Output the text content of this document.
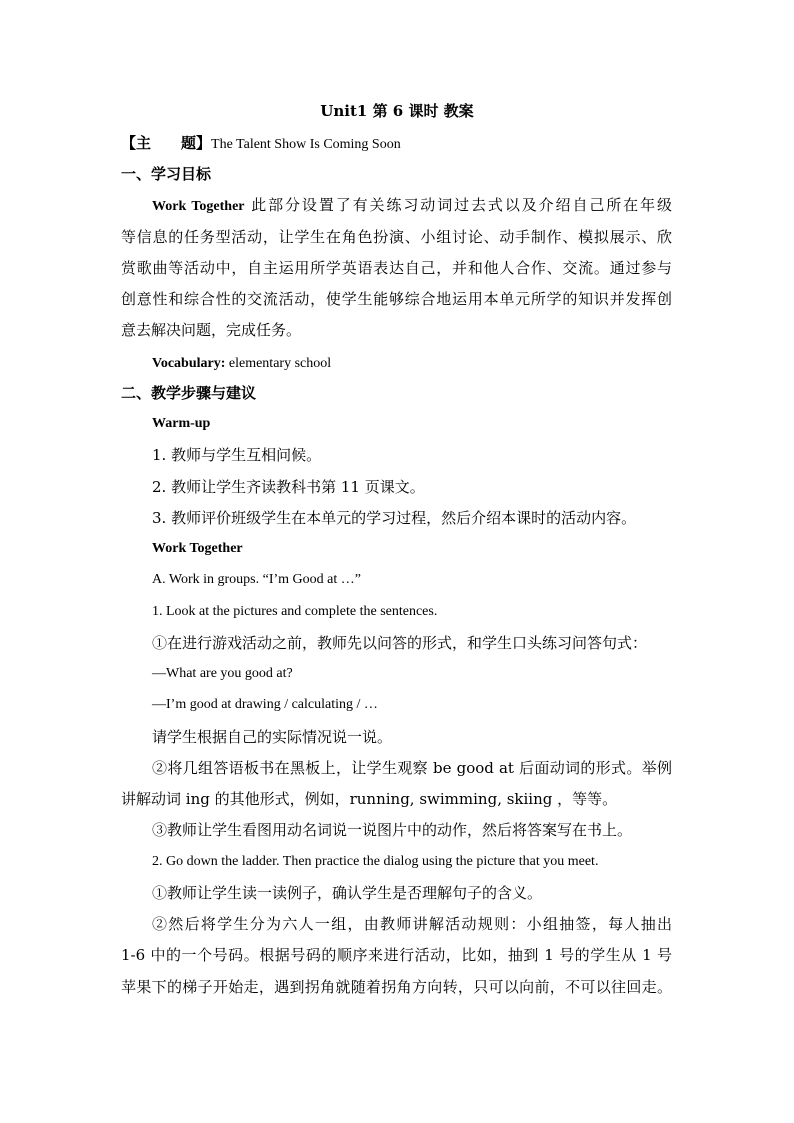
Unit1 第 6 课时 教案
【主　　题】The Talent Show Is Coming Soon
一、学习目标
Work Together 此部分设置了有关练习动词过去式以及介绍自己所在年级
等信息的任务型活动，让学生在角色扮演、小组讨论、动手制作、模拟展示、欣
赏歌曲等活动中，自主运用所学英语表达自己，并和他人合作、交流。通过参与
创意性和综合性的交流活动，使学生能够综合地运用本单元所学的知识并发挥创
意去解决问题，完成任务。
Vocabulary: elementary school
二、教学步骤与建议
Warm-up
1. 教师与学生互相问候。
2. 教师让学生齐读教科书第 11 页课文。
3. 教师评价班级学生在本单元的学习过程，然后介绍本课时的活动内容。
Work Together
A. Work in groups. “I’m Good at …”
1. Look at the pictures and complete the sentences.
①在进行游戏活动之前，教师先以问答的形式，和学生口头练习问答句式：
—What are you good at?
—I’m good at drawing / calculating / …
请学生根据自己的实际情况说一说。
②将几组答语板书在黑板上，让学生观察 be good at 后面动词的形式。举例
讲解动词 ing 的其他形式，例如，running, swimming, skiing ，等等。
③教师让学生看图用动名词说一说图片中的动作，然后将答案写在书上。
2. Go down the ladder. Then practice the dialog using the picture that you meet.
①教师让学生读一读例子，确认学生是否理解句子的含义。
②然后将学生分为六人一组，由教师讲解活动规则：小组抽签，每人抽出
1-6 中的一个号码。根据号码的顺序来进行活动，比如，抽到 1 号的学生从 1 号
苹果下的梯子开始走，遇到拐角就随着拐角方向转，只可以向前，不可以往回走。
